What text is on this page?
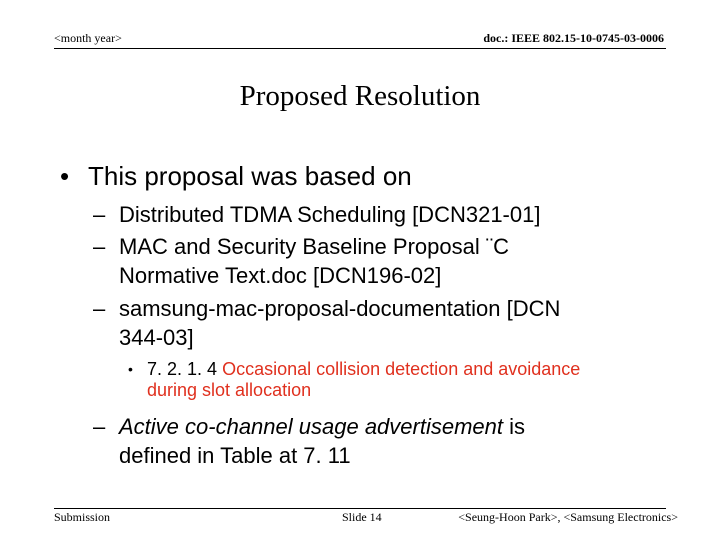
<month year>	doc.: IEEE 802.15-10-0745-03-0006
Proposed Resolution
• This proposal was based on
– Distributed TDMA Scheduling [DCN321-01]
– MAC and Security Baseline Proposal ¨C
Normative Text.doc [DCN196-02]
– samsung-mac-proposal-documentation [DCN
344-03]
• 7. 2. 1. 4 Occasional collision detection and avoidance
during slot allocation
– Active co-channel usage advertisement is
defined in Table at 7. 11
Submission	Slide 14	<Seung-Hoon Park>, <Samsung Electronics>
